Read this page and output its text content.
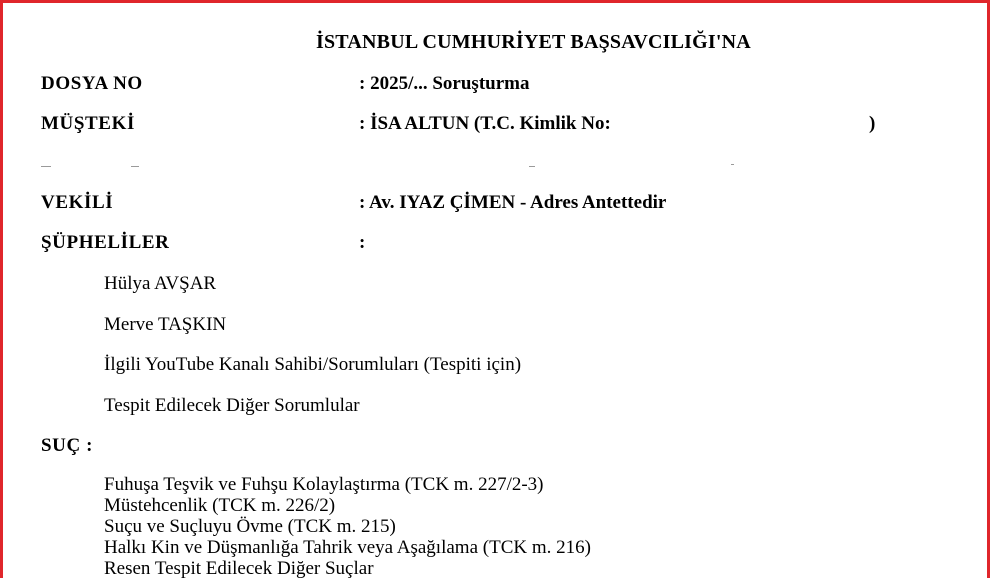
İSTANBUL CUMHURİYET BAŞSAVCILIĞI'NA
DOSYA NO	: 2025/... Soruşturma
MÜŞTEKİ	: İSA ALTUN (T.C. Kimlik No:	)
VEKİLİ	: Av. IYAZ ÇİMEN - Adres Antettedir
ŞÜPHELİLER	:
Hülya AVŞAR
Merve TAŞKIN
İlgili YouTube Kanalı Sahibi/Sorumluları (Tespiti için)
Tespit Edilecek Diğer Sorumlular
SUÇ :
Fuhuşa Teşvik ve Fuhşu Kolaylaştırma (TCK m. 227/2-3)
Müstehcenlik (TCK m. 226/2)
Suçu ve Suçluyu Övme (TCK m. 215)
Halkı Kin ve Düşmanlığa Tahrik veya Aşağılama (TCK m. 216)
Resen Tespit Edilecek Diğer Suçlar
